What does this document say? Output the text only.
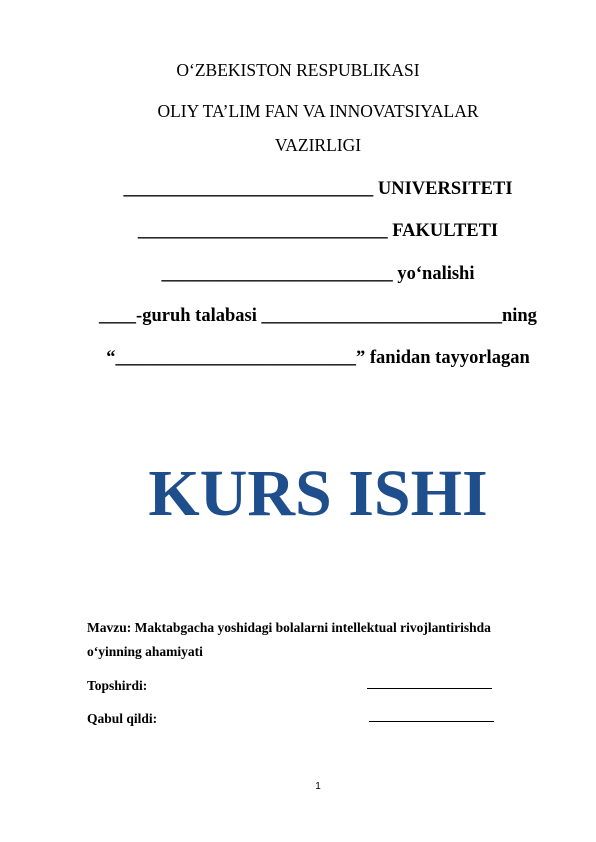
O‘ZBEKISTON RESPUBLIKASI
OLIY TA’LIM FAN VA INNOVATSIYALAR
VAZIRLIGI
___________________________ UNIVERSITETI
___________________________ FAKULTETI
_________________________ yo‘nalishi
____-guruh talabasi __________________________ning
“__________________________” fanidan tayyorlagan
KURS ISHI
Mavzu: Maktabgacha yoshidagi bolalarni intellektual rivojlantirishda
o‘yinning ahamiyati
Topshirdi:
Qabul qildi:
1
